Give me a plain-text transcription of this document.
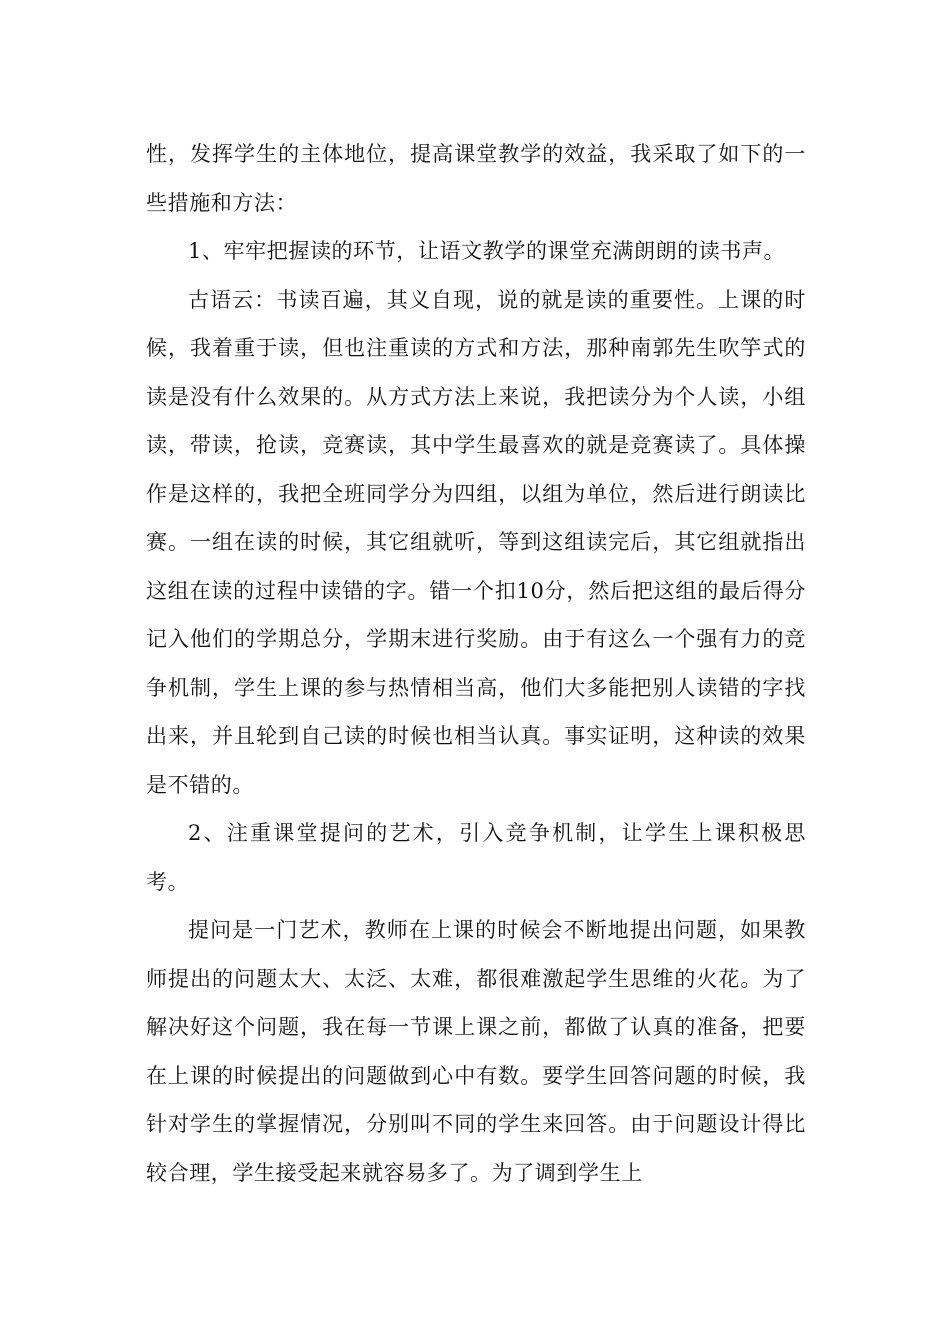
性，发挥学生的主体地位，提高课堂教学的效益，我采取了如下的一些措施和方法：

1、牢牢把握读的环节，让语文教学的课堂充满朗朗的读书声。

古语云：书读百遍，其义自现，说的就是读的重要性。上课的时候，我着重于读，但也注重读的方式和方法，那种南郭先生吹竽式的读是没有什么效果的。从方式方法上来说，我把读分为个人读，小组读，带读，抢读，竞赛读，其中学生最喜欢的就是竞赛读了。具体操作是这样的，我把全班同学分为四组，以组为单位，然后进行朗读比赛。一组在读的时候，其它组就听，等到这组读完后，其它组就指出这组在读的过程中读错的字。错一个扣10分，然后把这组的最后得分记入他们的学期总分，学期末进行奖励。由于有这么一个强有力的竞争机制，学生上课的参与热情相当高，他们大多能把别人读错的字找出来，并且轮到自己读的时候也相当认真。事实证明，这种读的效果是不错的。

2、注重课堂提问的艺术，引入竞争机制，让学生上课积极思考。

提问是一门艺术，教师在上课的时候会不断地提出问题，如果教师提出的问题太大、太泛、太难，都很难激起学生思维的火花。为了解决好这个问题，我在每一节课上课之前，都做了认真的准备，把要在上课的时候提出的问题做到心中有数。要学生回答问题的时候，我针对学生的掌握情况，分别叫不同的学生来回答。由于问题设计得比较合理，学生接受起来就容易多了。为了调到学生上
